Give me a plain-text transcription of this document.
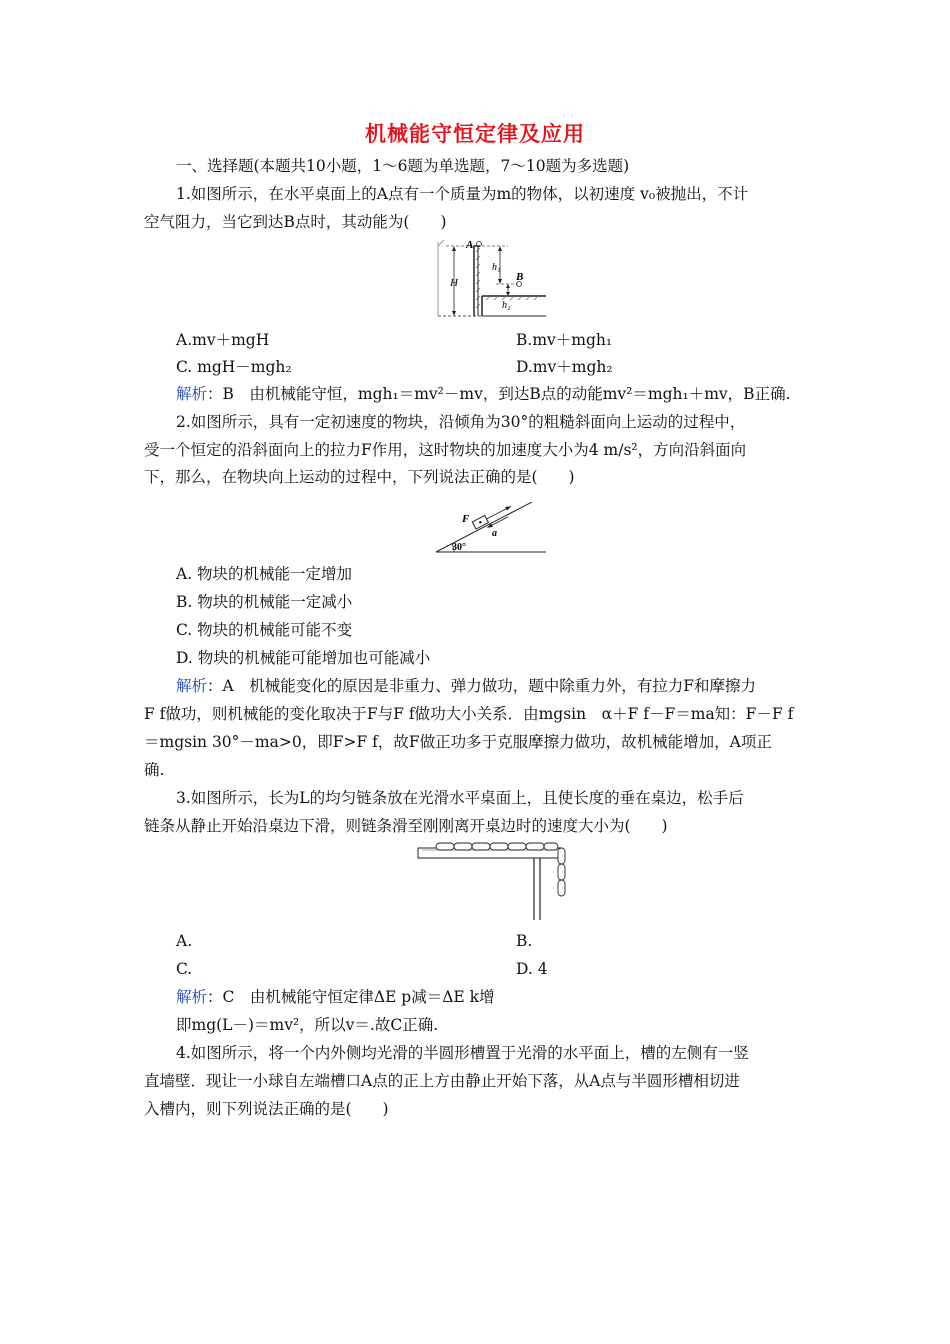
机械能守恒定律及应用
一、选择题(本题共10小题，1～6题为单选题，7～10题为多选题)
1.如图所示，在水平桌面上的A点有一个质量为m的物体，以初速度 v₀被抛出，不计
空气阻力，当它到达B点时，其动能为(　　)
H
A
h₁
h₂
B
A.mv＋mgH	B.mv＋mgh₁
C. mgH－mgh₂	D.mv＋mgh₂
解析：B　由机械能守恒，mgh₁＝mv²－mv，到达B点的动能mv²＝mgh₁＋mv，B正确.
2.如图所示，具有一定初速度的物块，沿倾角为30°的粗糙斜面向上运动的过程中，
受一个恒定的沿斜面向上的拉力F作用，这时物块的加速度大小为4 m/s²，方向沿斜面向
下，那么，在物块向上运动的过程中，下列说法正确的是(　　)
30°
F
a
A. 物块的机械能一定增加
B. 物块的机械能一定减小
C. 物块的机械能可能不变
D. 物块的机械能可能增加也可能减小
解析：A　机械能变化的原因是非重力、弹力做功，题中除重力外，有拉力F和摩擦力
F f做功，则机械能的变化取决于F与F f做功大小关系．由mgsin　α＋F f－F＝ma知：F－F f
＝mgsin 30°－ma>0，即F>F f，故F做正功多于克服摩擦力做功，故机械能增加，A项正
确.
3.如图所示，长为L的均匀链条放在光滑水平桌面上，且使长度的垂在桌边，松手后
链条从静止开始沿桌边下滑，则链条滑至刚刚离开桌边时的速度大小为(　　)
A.	B.
C.	D. 4
解析：C　由机械能守恒定律ΔE p减＝ΔE k增
即mg(L－)＝mv²，所以v＝.故C正确.
4.如图所示，将一个内外侧均光滑的半圆形槽置于光滑的水平面上，槽的左侧有一竖
直墙壁．现让一小球自左端槽口A点的正上方由静止开始下落，从A点与半圆形槽相切进
入槽内，则下列说法正确的是(　　)
